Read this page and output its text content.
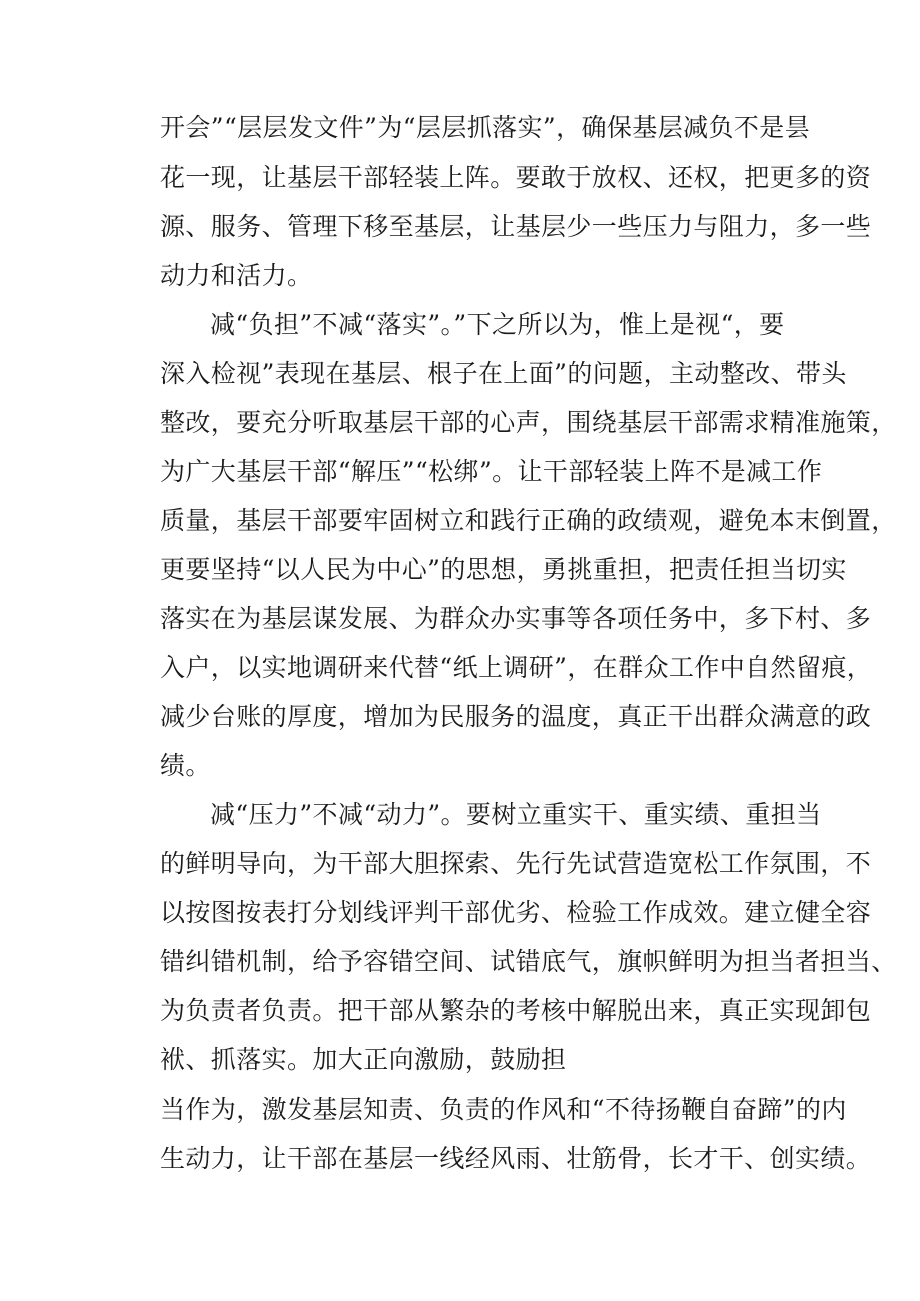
开会”“层层发文件”为“层层抓落实”，确保基层减负不是昙
花一现，让基层干部轻装上阵。要敢于放权、还权，把更多的资
源、服务、管理下移至基层，让基层少一些压力与阻力，多一些
动力和活力。
减“负担”不减“落实”。”下之所以为，惟上是视“，要
深入检视”表现在基层、根子在上面”的问题，主动整改、带头
整改，要充分听取基层干部的心声，围绕基层干部需求精准施策，
为广大基层干部“解压”“松绑”。让干部轻装上阵不是减工作
质量，基层干部要牢固树立和践行正确的政绩观，避免本末倒置，
更要坚持“以人民为中心”的思想，勇挑重担，把责任担当切实
落实在为基层谋发展、为群众办实事等各项任务中，多下村、多
入户，以实地调研来代替“纸上调研”，在群众工作中自然留痕，
减少台账的厚度，增加为民服务的温度，真正干出群众满意的政
绩。
减“压力”不减“动力”。要树立重实干、重实绩、重担当
的鲜明导向，为干部大胆探索、先行先试营造宽松工作氛围，不
以按图按表打分划线评判干部优劣、检验工作成效。建立健全容
错纠错机制，给予容错空间、试错底气，旗帜鲜明为担当者担当、
为负责者负责。把干部从繁杂的考核中解脱出来，真正实现卸包
袱、抓落实。加大正向激励，鼓励担
当作为，激发基层知责、负责的作风和“不待扬鞭自奋蹄”的内
生动力，让干部在基层一线经风雨、壮筋骨，长才干、创实绩。
